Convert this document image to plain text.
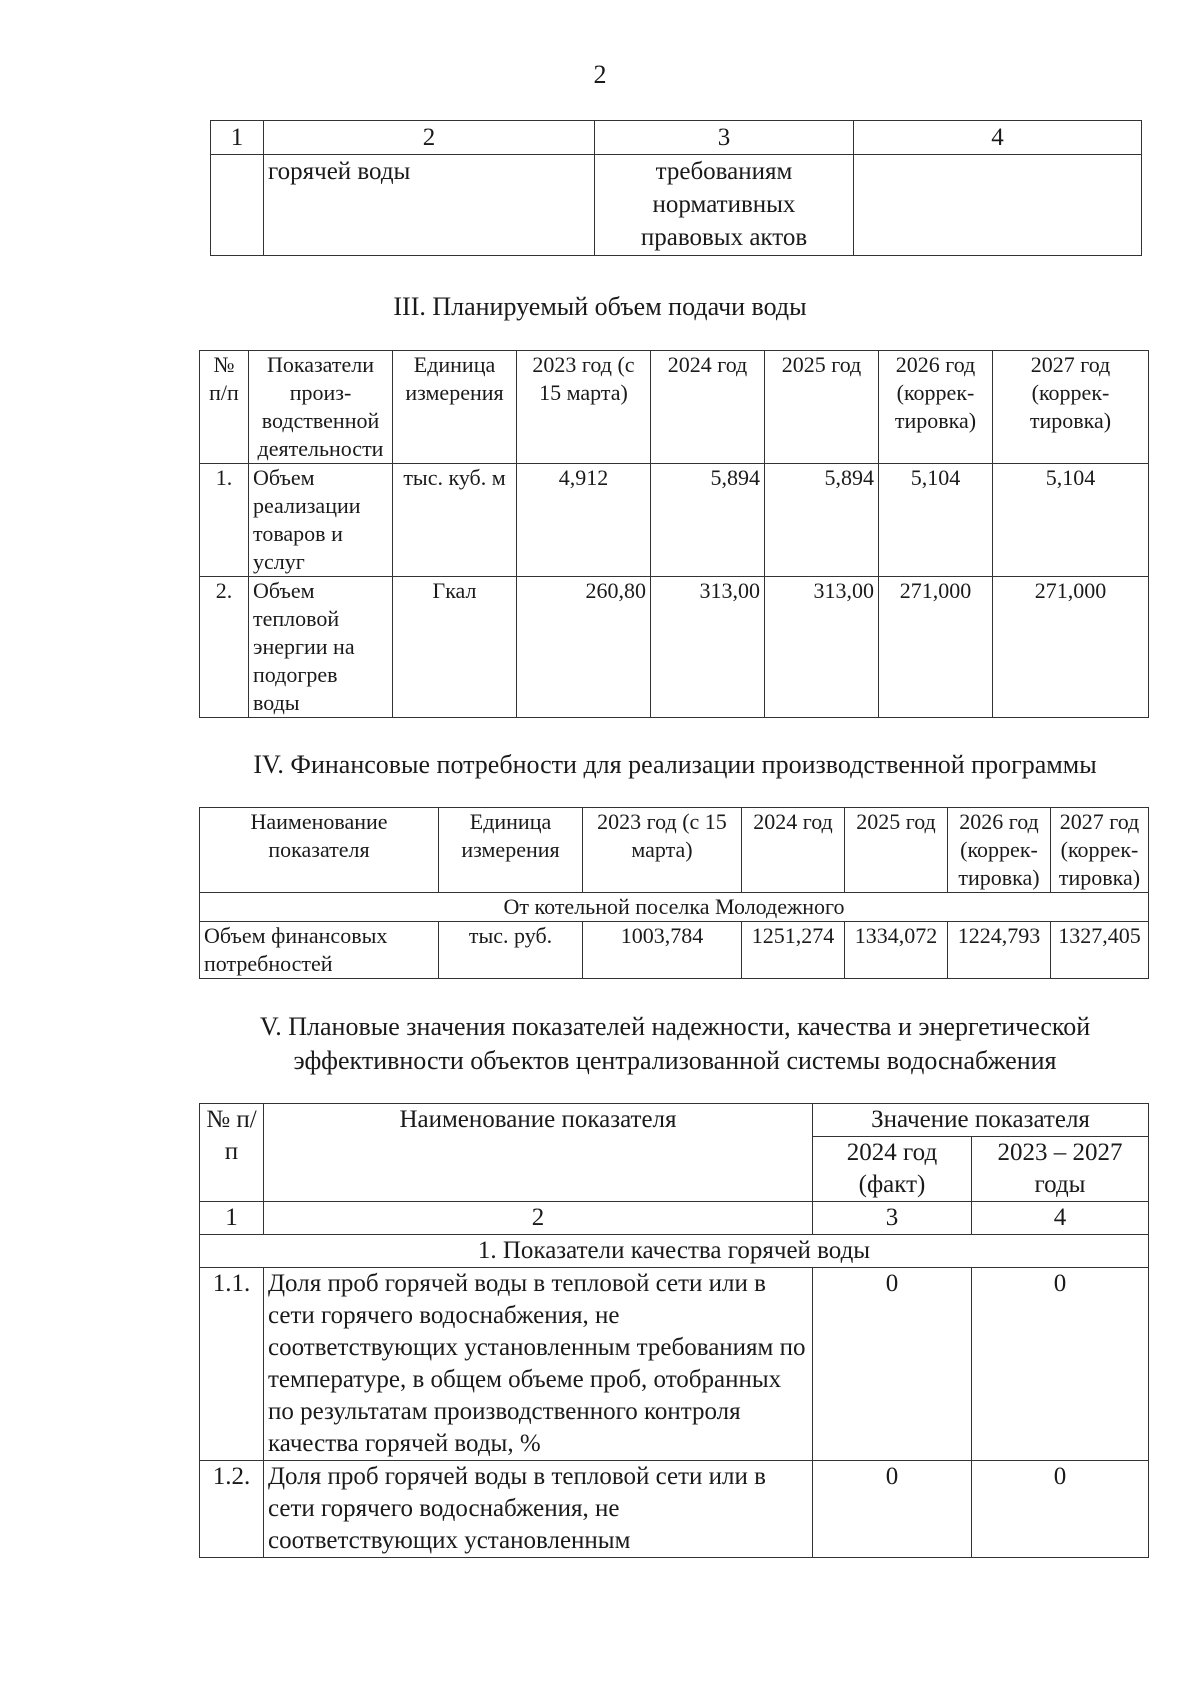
2
1	2	3	4
	горячей воды	требованиям нормативных правовых актов	
III. Планируемый объем подачи воды
№ п/п	Показатели произ-водственной деятельности	Единица измерения	2023 год (с 15 марта)	2024 год	2025 год	2026 год (коррек-тировка)	2027 год (коррек-тировка)
1.	Объем реализации товаров и услуг	тыс. куб. м	4,912	5,894	5,894	5,104	5,104
2.	Объем тепловой энергии на подогрев воды	Гкал	260,80	313,00	313,00	271,000	271,000
IV. Финансовые потребности для реализации производственной программы
Наименование показателя	Единица измерения	2023 год (с 15 марта)	2024 год	2025 год	2026 год (коррек-тировка)	2027 год (коррек-тировка)
От котельной поселка Молодежного						
Объем финансовых потребностей	тыс. руб.	1003,784	1251,274	1334,072	1224,793	1327,405
V. Плановые значения показателей надежности, качества и энергетической эффективности объектов централизованной системы водоснабжения
№ п/п	Наименование показателя	Значение показателя	
		2024 год (факт)	2023 – 2027 годы
1	2	3	4
1. Показатели качества горячей воды			
1.1.	Доля проб горячей воды в тепловой сети или в сети горячего водоснабжения, не соответствующих установленным требованиям по температуре, в общем объеме проб, отобранных по результатам производственного контроля качества горячей воды, %	0	0
1.2.	Доля проб горячей воды в тепловой сети или в сети горячего водоснабжения, не соответствующих установленным	0	0
